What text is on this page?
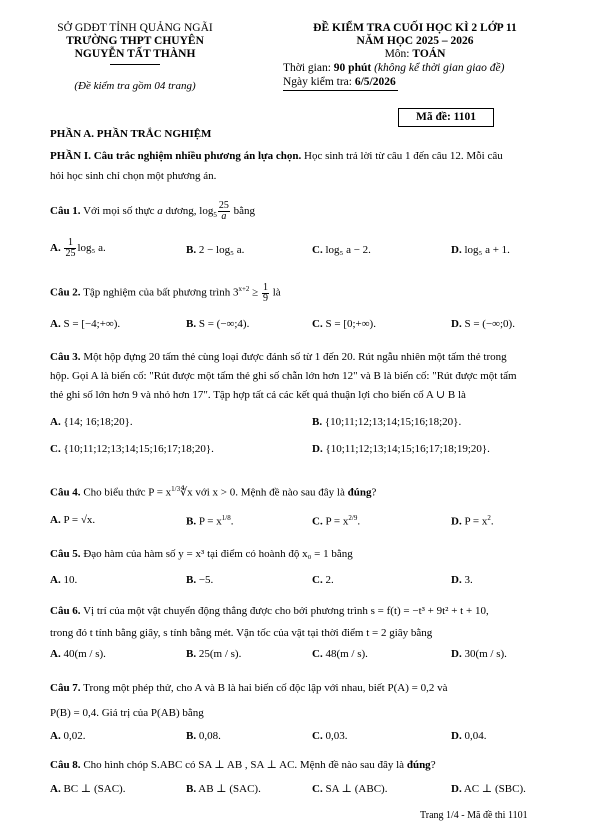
SỞ GDĐT TỈNH QUẢNG NGÃI
TRƯỜNG THPT CHUYÊN
NGUYỄN TẤT THÀNH
(Đề kiểm tra gồm 04 trang)
ĐỀ KIỂM TRA CUỐI HỌC KÌ 2 LỚP 11
NĂM HỌC 2025 – 2026
Môn: TOÁN
Thời gian: 90 phút (không kể thời gian giao đề)
Ngày kiểm tra: 6/5/2026
Mã đề: 1101
PHẦN A. PHẦN TRẮC NGHIỆM
PHẦN I. Câu trắc nghiệm nhiều phương án lựa chọn. Học sinh trả lời từ câu 1 đến câu 12. Mỗi câu
hỏi học sinh chỉ chọn một phương án.
Câu 1. Với mọi số thực a dương, $\log_5 \frac{25}{a}$ bằng
A. $\frac{1}{25} \log_5$ a.	B. 2 − log₅ a.	C. log₅ a − 2.	D. log₅ a + 1.
Câu 2. Tập nghiệm của bất phương trình $3^{x+2} \ge \frac{1}{9}$ là
A. S = [−4;+∞).	B. S = (−∞;4).	C. S = [0;+∞).	D. S = (−∞;0).
Câu 3. Một hộp đựng 20 tấm thẻ cùng loại được đánh số từ 1 đến 20. Rút ngẫu nhiên một tấm thẻ trong
hộp. Gọi A là biến cố: "Rút được một tấm thẻ ghi số chẵn lớn hơn 12" và B là biến cố: "Rút được một tấm
thẻ ghi số lớn hơn 9 và nhỏ hơn 17". Tập hợp tất cả các kết quả thuận lợi cho biến cố A ∪ B là
A. {14; 16;18;20}.	B. {10;11;12;13;14;15;16;18;20}.
C. {10;11;12;13;14;15;16;17;18;20}.	D. {10;11;12;13;14;15;16;17;18;19;20}.
Câu 4. Cho biểu thức $P = x^{1/3}∜x$ với x > 0. Mệnh đề nào sau đây là đúng?
A. P = √x.	B. $P = x^{1/8}$.	C. $P = x^{2/9}$.	D. $P = x^2$.
Câu 5. Đạo hàm của hàm số y = x³ tại điểm có hoành độ x₀ = 1 bằng
A. 10.	B. −5.	C. 2.	D. 3.
Câu 6. Vị trí của một vật chuyển động thẳng được cho bởi phương trình s = f(t) = −t³ + 9t² + t + 10,
trong đó t tính bằng giây, s tính bằng mét. Vận tốc của vật tại thời điểm t = 2 giây bằng
A. 40(m / s).	B. 25(m / s).	C. 48(m / s).	D. 30(m / s).
Câu 7. Trong một phép thử, cho A và B là hai biến cố độc lập với nhau, biết P(A) = 0,2 và
P(B) = 0,4. Giá trị của P(AB) bằng
A. 0,02.	B. 0,08.	C. 0,03.	D. 0,04.
Câu 8. Cho hình chóp S.ABC có SA ⊥ AB , SA ⊥ AC. Mệnh đề nào sau đây là đúng?
A. BC ⊥ (SAC).	B. AB ⊥ (SAC).	C. SA ⊥ (ABC).	D. AC ⊥ (SBC).
Trang 1/4 - Mã đề thi 1101
